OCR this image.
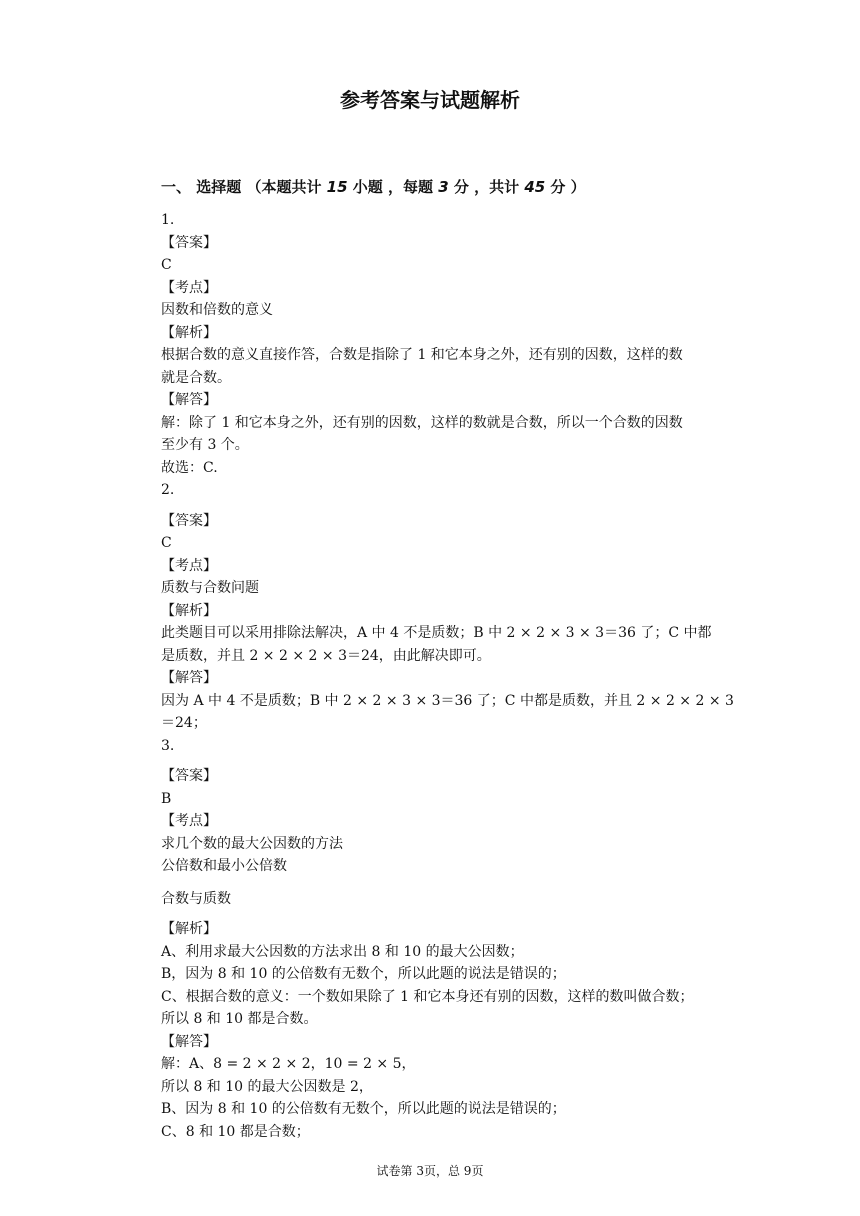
参考答案与试题解析
一、 选择题 （本题共计 15 小题 ，每题 3 分 ，共计 45 分 ）
1.
【答案】
C
【考点】
因数和倍数的意义
【解析】
根据合数的意义直接作答，合数是指除了 1 和它本身之外，还有别的因数，这样的数
就是合数。
【解答】
解：除了 1 和它本身之外，还有别的因数，这样的数就是合数，所以一个合数的因数
至少有 3 个。
故选：C.
2.
【答案】
C
【考点】
质数与合数问题
【解析】
此类题目可以采用排除法解决，A 中 4 不是质数；B 中 2 × 2 × 3 × 3＝36 了；C 中都
是质数，并且 2 × 2 × 2 × 3＝24，由此解决即可。
【解答】
因为 A 中 4 不是质数；B 中 2 × 2 × 3 × 3＝36 了；C 中都是质数，并且 2 × 2 × 2 × 3
＝24；
3.
【答案】
B
【考点】
求几个数的最大公因数的方法
公倍数和最小公倍数
合数与质数
【解析】
A、利用求最大公因数的方法求出 8 和 10 的最大公因数；
B，因为 8 和 10 的公倍数有无数个，所以此题的说法是错误的；
C、根据合数的意义：一个数如果除了 1 和它本身还有别的因数，这样的数叫做合数；
所以 8 和 10 都是合数。
【解答】
解：A、8 = 2 × 2 × 2，10 = 2 × 5，
所以 8 和 10 的最大公因数是 2，
B、因为 8 和 10 的公倍数有无数个，所以此题的说法是错误的；
C、8 和 10 都是合数；
试卷第 3页，总 9页
